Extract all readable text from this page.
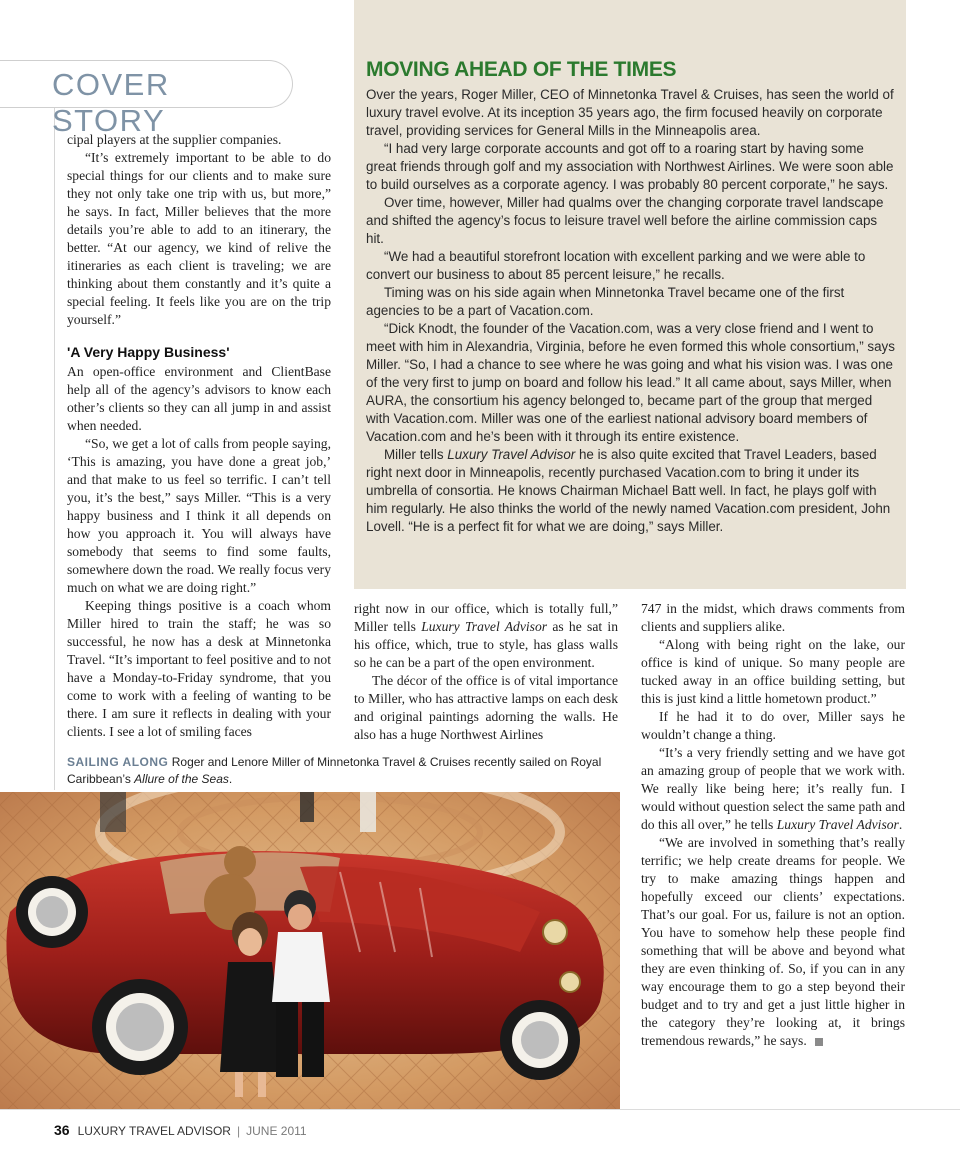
COVER STORY
MOVING AHEAD OF THE TIMES

Over the years, Roger Miller, CEO of Minnetonka Travel & Cruises, has seen the world of luxury travel evolve. At its inception 35 years ago, the firm focused heavily on corporate travel, providing services for General Mills in the Minneapolis area.

“I had very large corporate accounts and got off to a roaring start by having some great friends through golf and my association with Northwest Airlines. We were soon able to build ourselves as a corporate agency. I was probably 80 percent corporate,” he says.

Over time, however, Miller had qualms over the changing corporate travel landscape and shifted the agency’s focus to leisure travel well before the airline commission caps hit.

“We had a beautiful storefront location with excellent parking and we were able to convert our business to about 85 percent leisure,” he recalls.

Timing was on his side again when Minnetonka Travel became one of the first agencies to be a part of Vacation.com.

“Dick Knodt, the founder of the Vacation.com, was a very close friend and I went to meet with him in Alexandria, Virginia, before he even formed this whole consortium,” says Miller. “So, I had a chance to see where he was going and what his vision was. I was one of the very first to jump on board and follow his lead.” It all came about, says Miller, when AURA, the consortium his agency belonged to, became part of the group that merged with Vacation.com. Miller was one of the earliest national advisory board members of Vacation.com and he’s been with it through its entire existence.

Miller tells Luxury Travel Advisor he is also quite excited that Travel Leaders, based right next door in Minneapolis, recently purchased Vacation.com to bring it under its umbrella of consortia. He knows Chairman Michael Batt well. In fact, he plays golf with him regularly. He also thinks the world of the newly named Vacation.com president, John Lovell. “He is a perfect fit for what we are doing,” says Miller.

cipal players at the supplier companies.

“It’s extremely important to be able to do special things for our clients and to make sure they not only take one trip with us, but more,” he says. In fact, Miller believes that the more details you’re able to add to an itinerary, the better. “At our agency, we kind of relive the itineraries as each client is traveling; we are thinking about them constantly and it’s quite a special feeling. It feels like you are on the trip yourself.”

'A Very Happy Business'

An open-office environment and ClientBase help all of the agency’s advisors to know each other’s clients so they can all jump in and assist when needed.

“So, we get a lot of calls from people saying, ‘This is amazing, you have done a great job,’ and that make to us feel so terrific. I can’t tell you, it’s the best,” says Miller. “This is a very happy business and I think it all depends on how you approach it. You will always have somebody that seems to find some faults, somewhere down the road. We really focus very much on what we are doing right.”

Keeping things positive is a coach whom Miller hired to train the staff; he was so successful, he now has a desk at Minnetonka Travel. “It’s important to feel positive and to not have a Monday-to-Friday syndrome, that you come to work with a feeling of wanting to be there. I am sure it reflects in dealing with your clients. I see a lot of smiling faces

right now in our office, which is totally full,” Miller tells Luxury Travel Advisor as he sat in his office, which, true to style, has glass walls so he can be a part of the open environment.

The décor of the office is of vital importance to Miller, who has attractive lamps on each desk and original paintings adorning the walls. He also has a huge Northwest Airlines

747 in the midst, which draws comments from clients and suppliers alike.

“Along with being right on the lake, our office is kind of unique. So many people are tucked away in an office building setting, but this is just kind a little hometown product.”

If he had it to do over, Miller says he wouldn’t change a thing.

“It’s a very friendly setting and we have got an amazing group of people that we work with. We really like being here; it’s really fun. I would without question select the same path and do this all over,” he tells Luxury Travel Advisor.

“We are involved in something that’s really terrific; we help create dreams for people. We try to make amazing things happen and hopefully exceed our clients’ expectations. That’s our goal. For us, failure is not an option. You have to somehow help these people find something that will be above and beyond what they are even thinking of. So, if you can in any way encourage them to go a step beyond their budget and to try and get a just little higher in the category they’re looking at, it brings tremendous rewards,” he says.

SAILING ALONG Roger and Lenore Miller of Minnetonka Travel & Cruises recently sailed on Royal Caribbean’s Allure of the Seas.
36 LUXURY TRAVEL ADVISOR | JUNE 2011
